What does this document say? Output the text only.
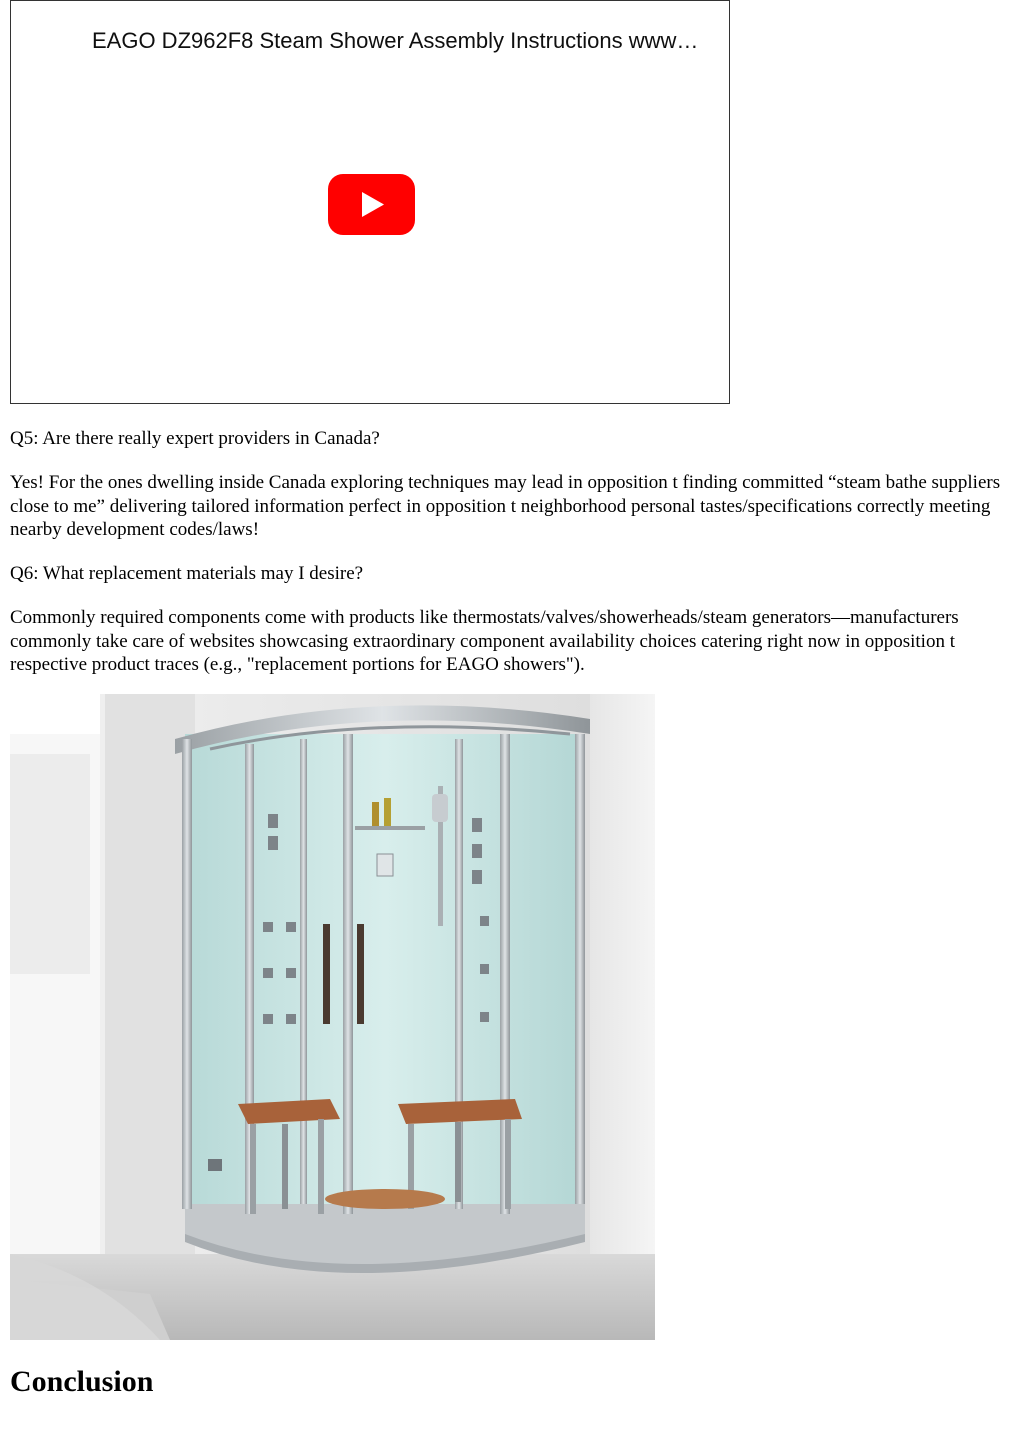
EAGO DZ962F8 Steam Shower Assembly Instructions www…

Q5: Are there really expert providers in Canada?

Yes! For the ones dwelling inside Canada exploring techniques may lead in opposition t finding committed “steam bathe suppliers close to me” delivering tailored information perfect in opposition t neighborhood personal tastes/specifications correctly meeting nearby development codes/laws!

Q6: What replacement materials may I desire?

Commonly required components come with products like thermostats/valves/showerheads/steam generators—manufacturers commonly take care of websites showcasing extraordinary component availability choices catering right now in opposition t respective product traces (e.g., "replacement portions for EAGO showers").

Conclusion
